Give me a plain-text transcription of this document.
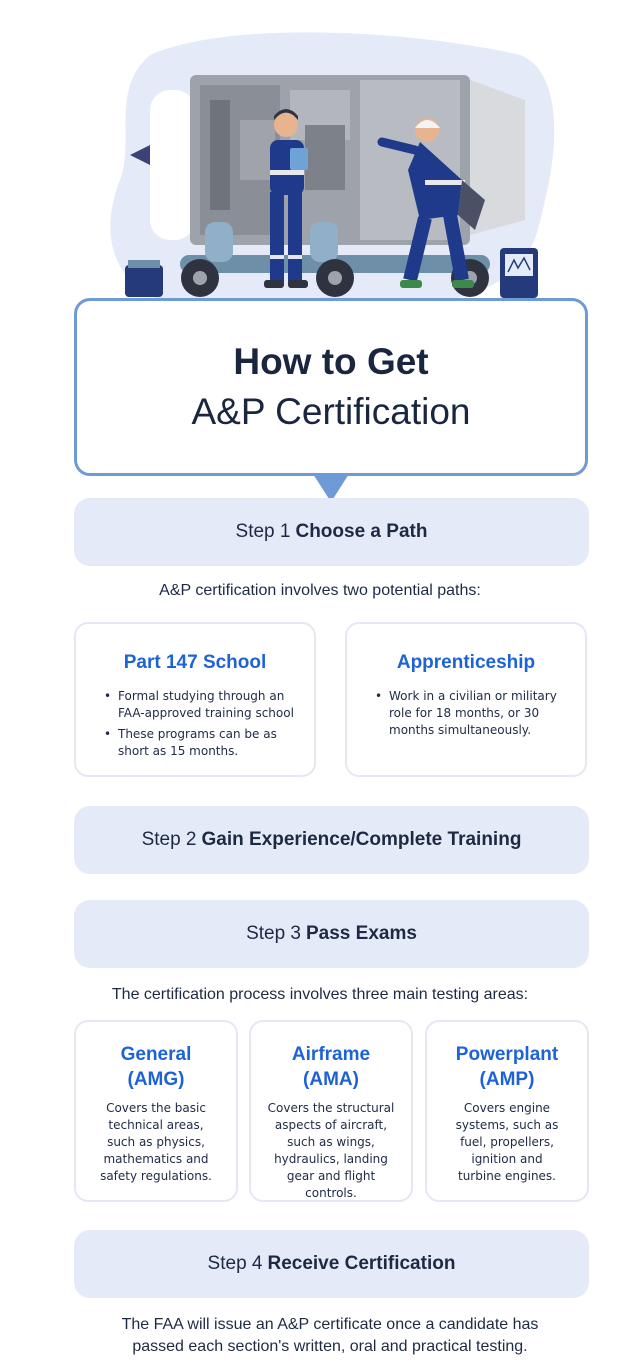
How to Get
A&P Certification
Step 1 Choose a Path
A&P certification involves two potential paths:
Part 147 School
• Formal studying through an FAA-approved training school
• These programs can be as short as 15 months.
Apprenticeship
• Work in a civilian or military role for 18 months, or 30 months simultaneously.
Step 2 Gain Experience/Complete Training
Step 3 Pass Exams
The certification process involves three main testing areas:
General (AMG)
Covers the basic technical areas, such as physics, mathematics and safety regulations.
Airframe (AMA)
Covers the structural aspects of aircraft, such as wings, hydraulics, landing gear and flight controls.
Powerplant (AMP)
Covers engine systems, such as fuel, propellers, ignition and turbine engines.
Step 4 Receive Certification
The FAA will issue an A&P certificate once a candidate has passed each section's written, oral and practical testing.
